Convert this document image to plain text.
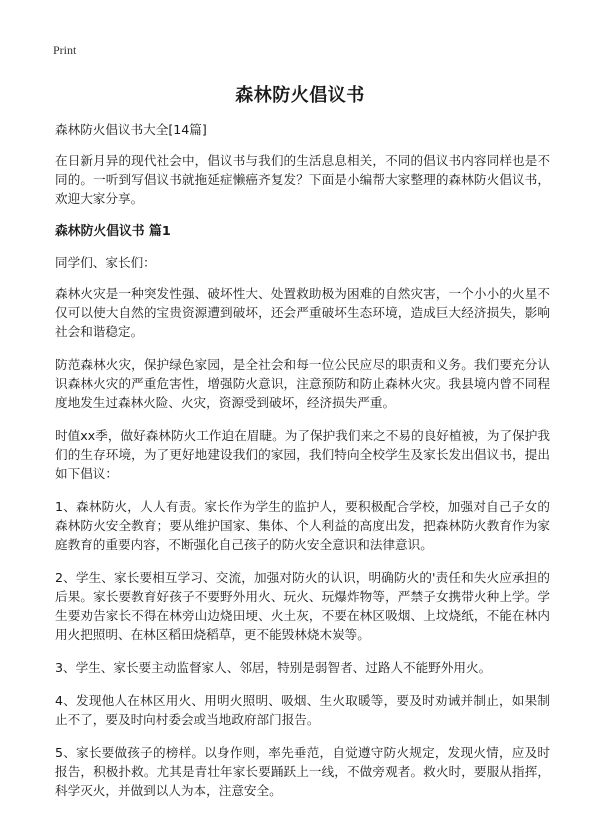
Print
森林防火倡议书

森林防火倡议书大全[14篇]

在日新月异的现代社会中，倡议书与我们的生活息息相关，不同的倡议书内容同样也是不同的。一听到写倡议书就拖延症懒癌齐复发？下面是小编帮大家整理的森林防火倡议书，欢迎大家分享。

森林防火倡议书 篇1

同学们、家长们：

森林火灾是一种突发性强、破坏性大、处置救助极为困难的自然灾害，一个小小的火星不仅可以使大自然的宝贵资源遭到破坏，还会严重破坏生态环境，造成巨大经济损失，影响社会和谐稳定。

防范森林火灾，保护绿色家园，是全社会和每一位公民应尽的职责和义务。我们要充分认识森林火灾的严重危害性，增强防火意识，注意预防和防止森林火灾。我县境内曾不同程度地发生过森林火险、火灾，资源受到破坏，经济损失严重。

时值xx季，做好森林防火工作迫在眉睫。为了保护我们来之不易的良好植被，为了保护我们的生存环境，为了更好地建设我们的家园，我们特向全校学生及家长发出倡议书，提出如下倡议：

1、森林防火，人人有责。家长作为学生的监护人，要积极配合学校，加强对自己子女的森林防火安全教育；要从维护国家、集体、个人利益的高度出发，把森林防火教育作为家庭教育的重要内容，不断强化自己孩子的防火安全意识和法律意识。

2、学生、家长要相互学习、交流，加强对防火的认识，明确防火的'责任和失火应承担的后果。家长要教育好孩子不要野外用火、玩火、玩爆炸物等，严禁子女携带火种上学。学生要劝告家长不得在林旁山边烧田埂、火土灰，不要在林区吸烟、上坟烧纸，不能在林内用火把照明、在林区稻田烧稻草，更不能毁林烧木炭等。

3、学生、家长要主动监督家人、邻居，特别是弱智者、过路人不能野外用火。

4、发现他人在林区用火、用明火照明、吸烟、生火取暖等，要及时劝诫并制止，如果制止不了，要及时向村委会或当地政府部门报告。

5、家长要做孩子的榜样。以身作则，率先垂范，自觉遵守防火规定，发现火情，应及时报告，积极扑救。尤其是青壮年家长要踊跃上一线，不做旁观者。救火时，要服从指挥，科学灭火，并做到以人为本，注意安全。
